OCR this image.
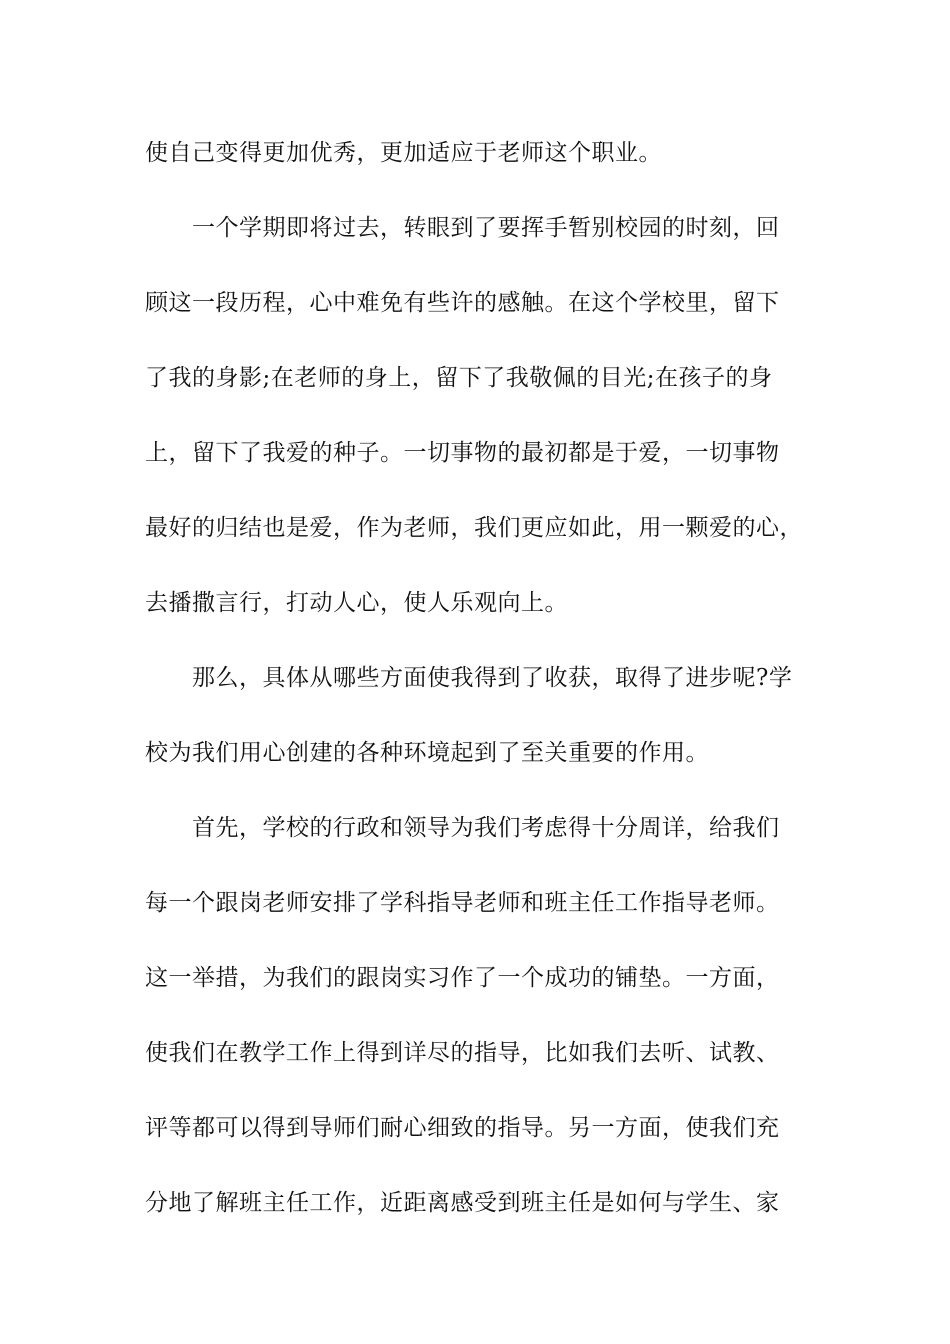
使自己变得更加优秀，更加适应于老师这个职业。
一个学期即将过去，转眼到了要挥手暂别校园的时刻，回
顾这一段历程，心中难免有些许的感触。在这个学校里，留下
了我的身影;在老师的身上，留下了我敬佩的目光;在孩子的身
上，留下了我爱的种子。一切事物的最初都是于爱，一切事物
最好的归结也是爱，作为老师，我们更应如此，用一颗爱的心，
去播撒言行，打动人心，使人乐观向上。
那么，具体从哪些方面使我得到了收获，取得了进步呢?学
校为我们用心创建的各种环境起到了至关重要的作用。
首先，学校的行政和领导为我们考虑得十分周详，给我们
每一个跟岗老师安排了学科指导老师和班主任工作指导老师。
这一举措，为我们的跟岗实习作了一个成功的铺垫。一方面，
使我们在教学工作上得到详尽的指导，比如我们去听、试教、
评等都可以得到导师们耐心细致的指导。另一方面，使我们充
分地了解班主任工作，近距离感受到班主任是如何与学生、家
